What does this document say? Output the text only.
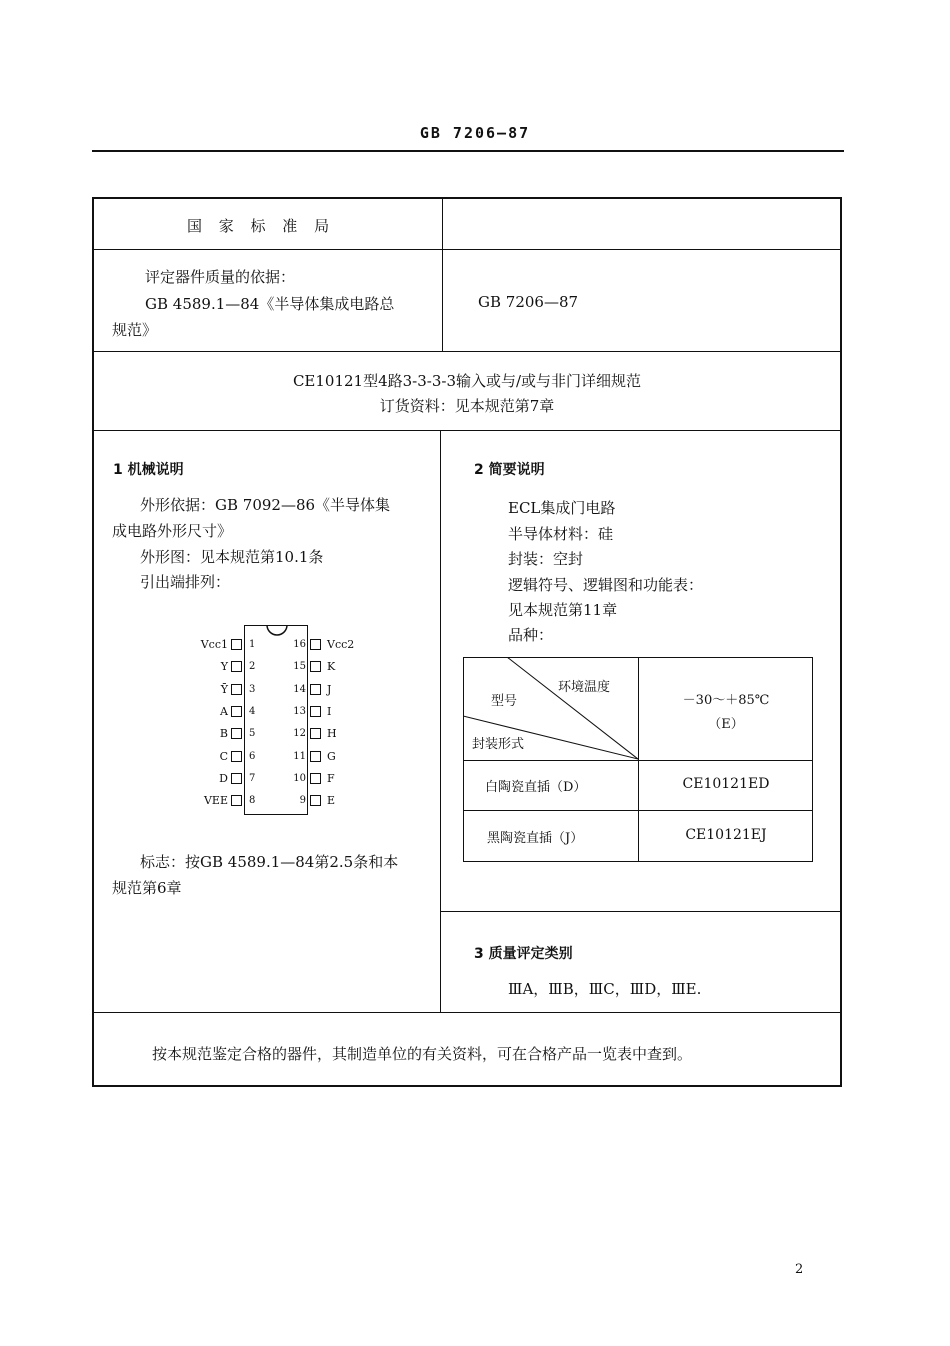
GB 7206—87
国 家 标 准 局
评定器件质量的依据：
GB 4589.1—84《半导体集成电路总
规范》
GB 7206—87
CE10121型4路3-3-3-3输入或与/或与非门详细规范
订货资料：见本规范第7章
1 机械说明
外形依据：GB 7092—86《半导体集
成电路外形尺寸》
外形图：见本规范第10.1条
引出端排列：
Vcc1 1
Y 2
Ȳ 3
A 4
B 5
C 6
D 7
VEE 8
16 Vcc2
15 K
14 J
13 I
12 H
11 G
10 F
9 E
标志：按GB 4589.1—84第2.5条和本
规范第6章
2 简要说明
ECL集成门电路
半导体材料：硅
封装：空封
逻辑符号、逻辑图和功能表：
见本规范第11章
品种：
环境温度
型号
封装形式
－30～＋85℃
（E）
白陶瓷直插（D）	CE10121ED
黑陶瓷直插（J）	CE10121EJ
3 质量评定类别
ⅢA，ⅢB，ⅢC，ⅢD，ⅢE.
按本规范鉴定合格的器件，其制造单位的有关资料，可在合格产品一览表中查到。
2
